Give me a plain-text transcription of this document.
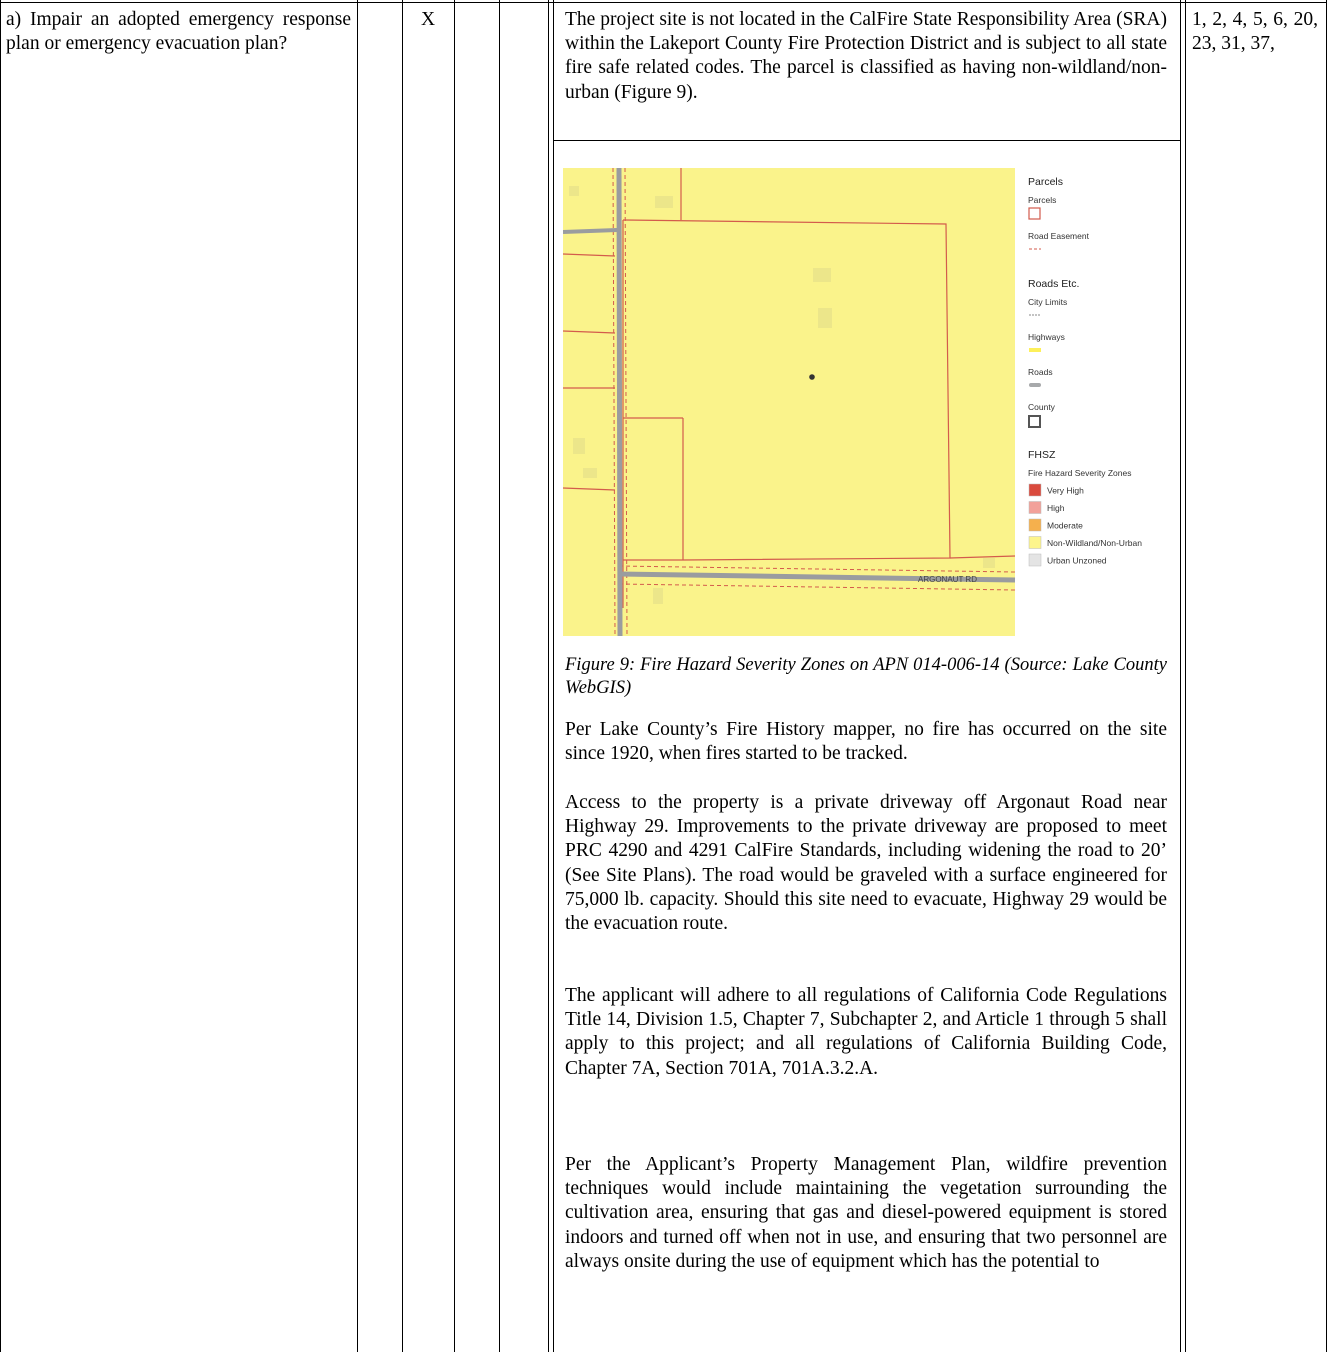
a) Impair an adopted emergency response plan or emergency evacuation plan?
X	1, 2, 4, 5, 6, 20, 23, 31, 37,
The project site is not located in the CalFire State Responsibility Area (SRA) within the Lakeport County Fire Protection District and is subject to all state fire safe related codes. The parcel is classified as having non-wildland/non-urban (Figure 9).
ARGONAUT RD
Parcels
Parcels
Road Easement
Roads Etc.
City Limits
Highways
Roads
County
FHSZ
Fire Hazard Severity Zones
Very High
High
Moderate
Non-Wildland/Non-Urban
Urban Unzoned
Figure 9: Fire Hazard Severity Zones on APN 014-006-14 (Source: Lake County WebGIS)
Per Lake County’s Fire History mapper, no fire has occurred on the site since 1920, when fires started to be tracked.
Access to the property is a private driveway off Argonaut Road near Highway 29. Improvements to the private driveway are proposed to meet PRC 4290 and 4291 CalFire Standards, including widening the road to 20’ (See Site Plans). The road would be graveled with a surface engineered for 75,000 lb. capacity. Should this site need to evacuate, Highway 29 would be the evacuation route.
The applicant will adhere to all regulations of California Code Regulations Title 14, Division 1.5, Chapter 7, Subchapter 2, and Article 1 through 5 shall apply to this project; and all regulations of California Building Code, Chapter 7A, Section 701A, 701A.3.2.A.
Per the Applicant’s Property Management Plan, wildfire prevention techniques would include maintaining the vegetation surrounding the cultivation area, ensuring that gas and diesel-powered equipment is stored indoors and turned off when not in use, and ensuring that two personnel are always onsite during the use of equipment which has the potential to
